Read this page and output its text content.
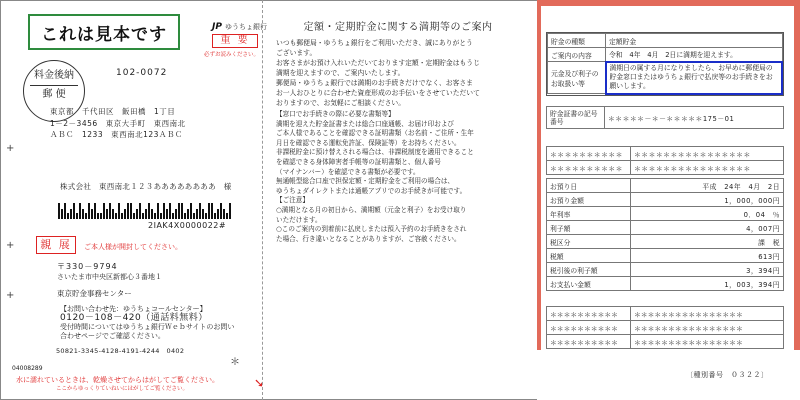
これは見本です	JP ゆうちょ銀行
重 要
必ずお読みください。
料金後納
郵 便
102-0072
東京都　千代田区　飯田橋　1丁目
1－2－3456　東京大手町　東西南北
ＡＢＣ　1233　東西南北123ＡＢＣ
+
+
+
株式会社　東西南北１２３ああああああああ　様
2IAK4X0000022#
親 展	ご本人様が開封してください。
〒330－9794
さいたま市中央区新都心３番地１
東京貯金事務センター
【お問い合わせ先：ゆうちょコールセンター】
0120－108－420（通話料無料）
受付時間についてはゆうちょ銀行Ｗｅｂサイトのお問い
合わせページでご確認ください。
50821-3345-4128-4191-4244　0402
＊
04008289
水に濡れているときは、乾燥させてからはがしてご覧ください。
ここからゆっくりていねいにはがしてご覧ください。	➘
定額・定期貯金に関する満期等のご案内
いつも郵便局・ゆうちょ銀行をご利用いただき、誠にありがとう
ございます。
お客さまがお預け入れいただいております定額・定期貯金はもうじ
満期を迎えますので、ご案内いたします。
郵便局・ゆうちょ銀行では満期のお手続きだけでなく、お客さま
お一人おひとりに合わせた資産形成のお手伝いをさせていただいて
おりますので、お気軽にご相談ください。

【窓口でお手続きの際に必要な書類等】

満期を迎えた貯金証書または総合口座通帳、お届け印および

ご本人様であることを確認できる証明書類（お名前・ご住所・生年

月日を確認できる運転免許証、保険証等）をお持ちください。

非課税貯金に預け替えされる場合は、非課税制度を適用できること

を確認できる身体障害者手帳等の証明書類と、個人番号

（マイナンバー）を確認できる書類が必要です。

無通帳型総合口座で担保定額・定期貯金をご利用の場合は、

ゆうちょダイレクトまたは通帳アプリでのお手続きが可能です。

【ご注意】

○満期となる月の初日から、満期額（元金と利子）をお受け取り

いただけます。

○このご案内の到着前に払戻しまたは預入予約のお手続きをされ

た場合、行き違いとなることがありますが、ご容赦ください。

貯金の種類	定額貯金
ご案内の内容	令和　4年　4月　2日に満期を迎えます。
元金及び利子のお取扱い等	満期日の属する月になりましたら、お早めに郵便局の貯金窓口またはゆうちょ銀行で払戻等のお手続きをお願いします。
貯金証書の記号番号	＊＊＊＊＊－＊－＊＊＊＊＊175－01
＊＊＊＊＊＊＊＊＊＊	＊＊＊＊＊＊＊＊＊＊＊＊＊＊＊＊
＊＊＊＊＊＊＊＊＊＊	＊＊＊＊＊＊＊＊＊＊＊＊＊＊＊＊
お預り日	平成　24年　4月　2日
お預り金額	1，000，000円
年利率	0．04　％
利子額	4，007円
税区分	課　税
税額	613円
税引後の利子額	3，394円
お支払い金額	1，003，394円
＊＊＊＊＊＊＊＊＊＊	＊＊＊＊＊＊＊＊＊＊＊＊＊＊＊＊
＊＊＊＊＊＊＊＊＊＊	＊＊＊＊＊＊＊＊＊＊＊＊＊＊＊＊
＊＊＊＊＊＊＊＊＊＊	＊＊＊＊＊＊＊＊＊＊＊＊＊＊＊＊
〔種別番号　０３２２〕
